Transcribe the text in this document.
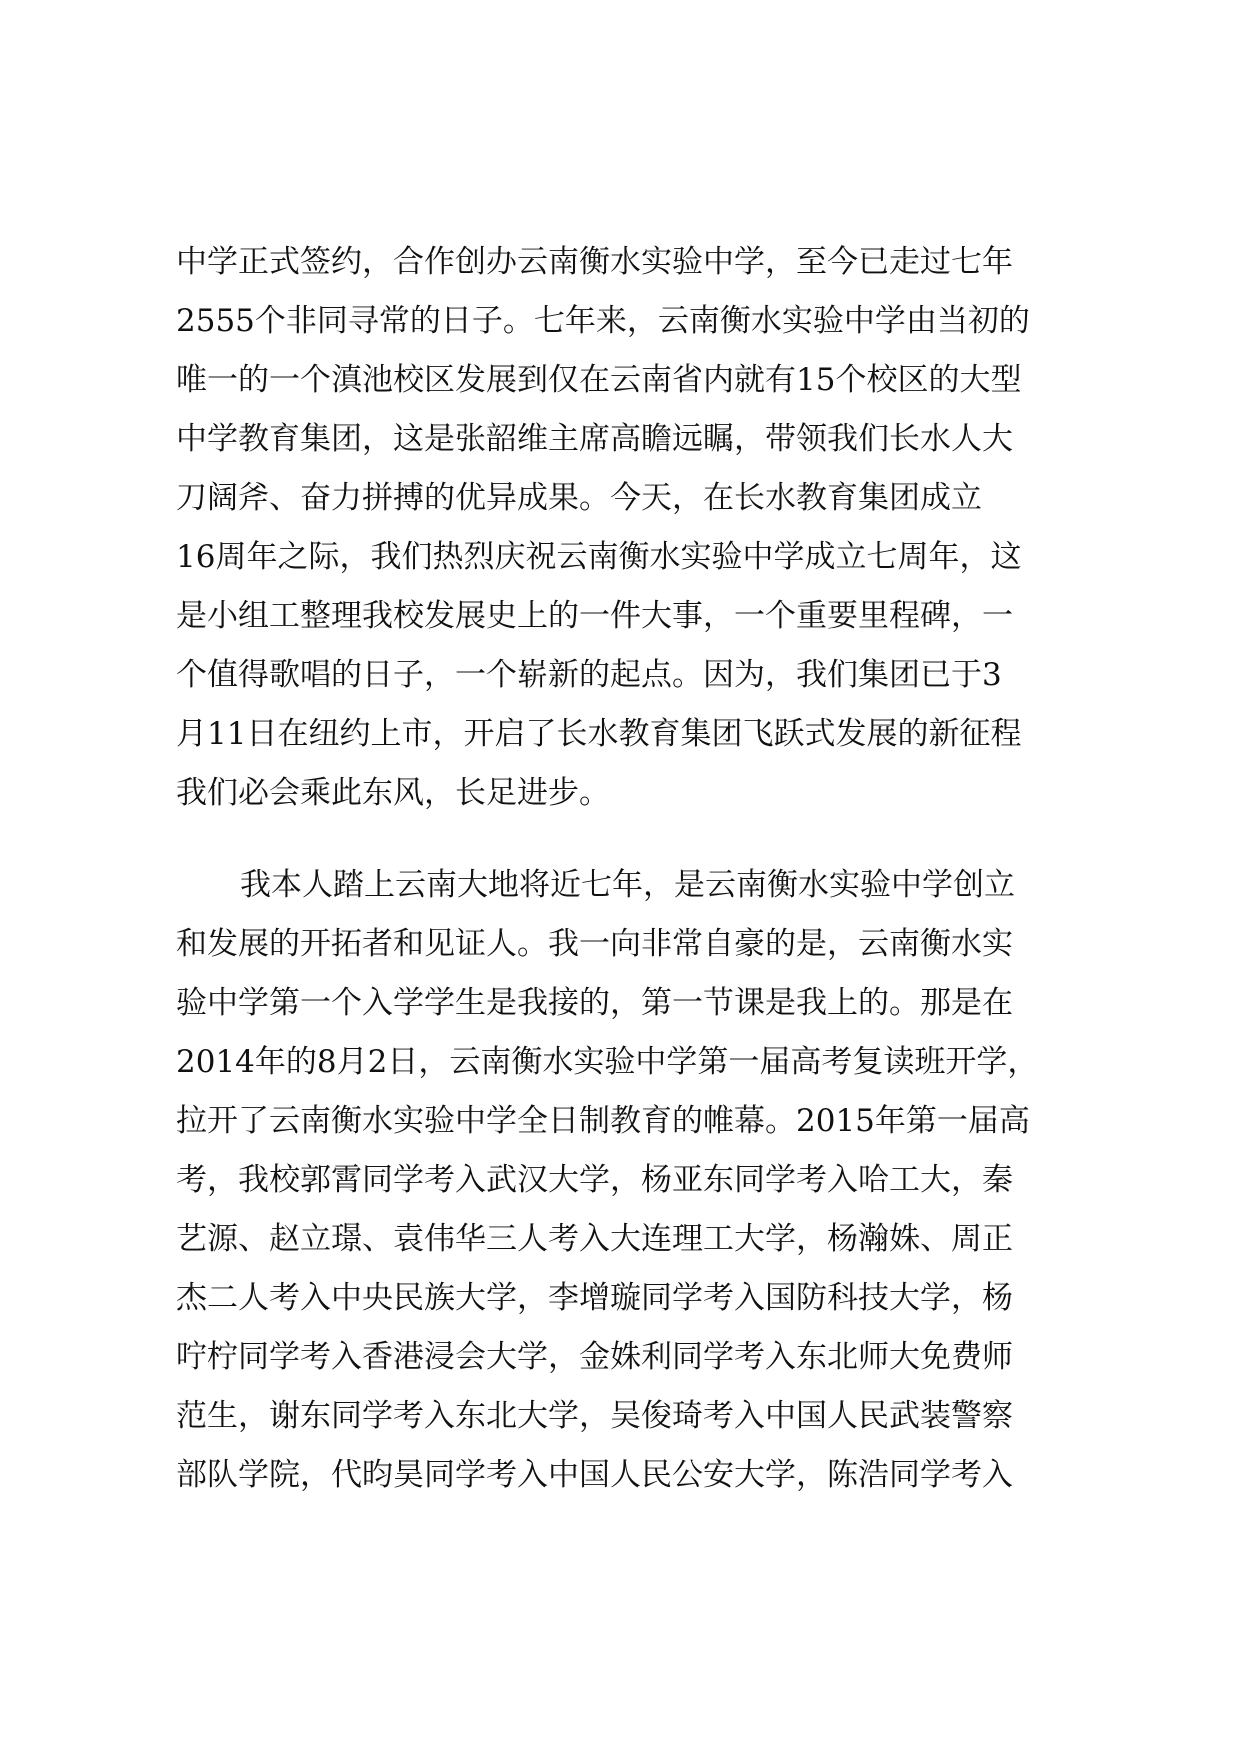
中学正式签约，合作创办云南衡水实验中学，至今已走过七年
2555个非同寻常的日子。七年来，云南衡水实验中学由当初的
唯一的一个滇池校区发展到仅在云南省内就有15个校区的大型
中学教育集团，这是张韶维主席高瞻远瞩，带领我们长水人大
刀阔斧、奋力拼搏的优异成果。今天，在长水教育集团成立
16周年之际，我们热烈庆祝云南衡水实验中学成立七周年，这
是小组工整理我校发展史上的一件大事，一个重要里程碑，一
个值得歌唱的日子，一个崭新的起点。因为，我们集团已于3
月11日在纽约上市，开启了长水教育集团飞跃式发展的新征程
我们必会乘此东风，长足进步。
我本人踏上云南大地将近七年，是云南衡水实验中学创立
和发展的开拓者和见证人。我一向非常自豪的是，云南衡水实
验中学第一个入学学生是我接的，第一节课是我上的。那是在
2014年的8月2日，云南衡水实验中学第一届高考复读班开学，
拉开了云南衡水实验中学全日制教育的帷幕。2015年第一届高
考，我校郭霄同学考入武汉大学，杨亚东同学考入哈工大，秦
艺源、赵立璟、袁伟华三人考入大连理工大学，杨瀚姝、周正
杰二人考入中央民族大学，李增璇同学考入国防科技大学，杨
咛柠同学考入香港浸会大学，金姝利同学考入东北师大免费师
范生，谢东同学考入东北大学，吴俊琦考入中国人民武装警察
部队学院，代昀昊同学考入中国人民公安大学，陈浩同学考入
